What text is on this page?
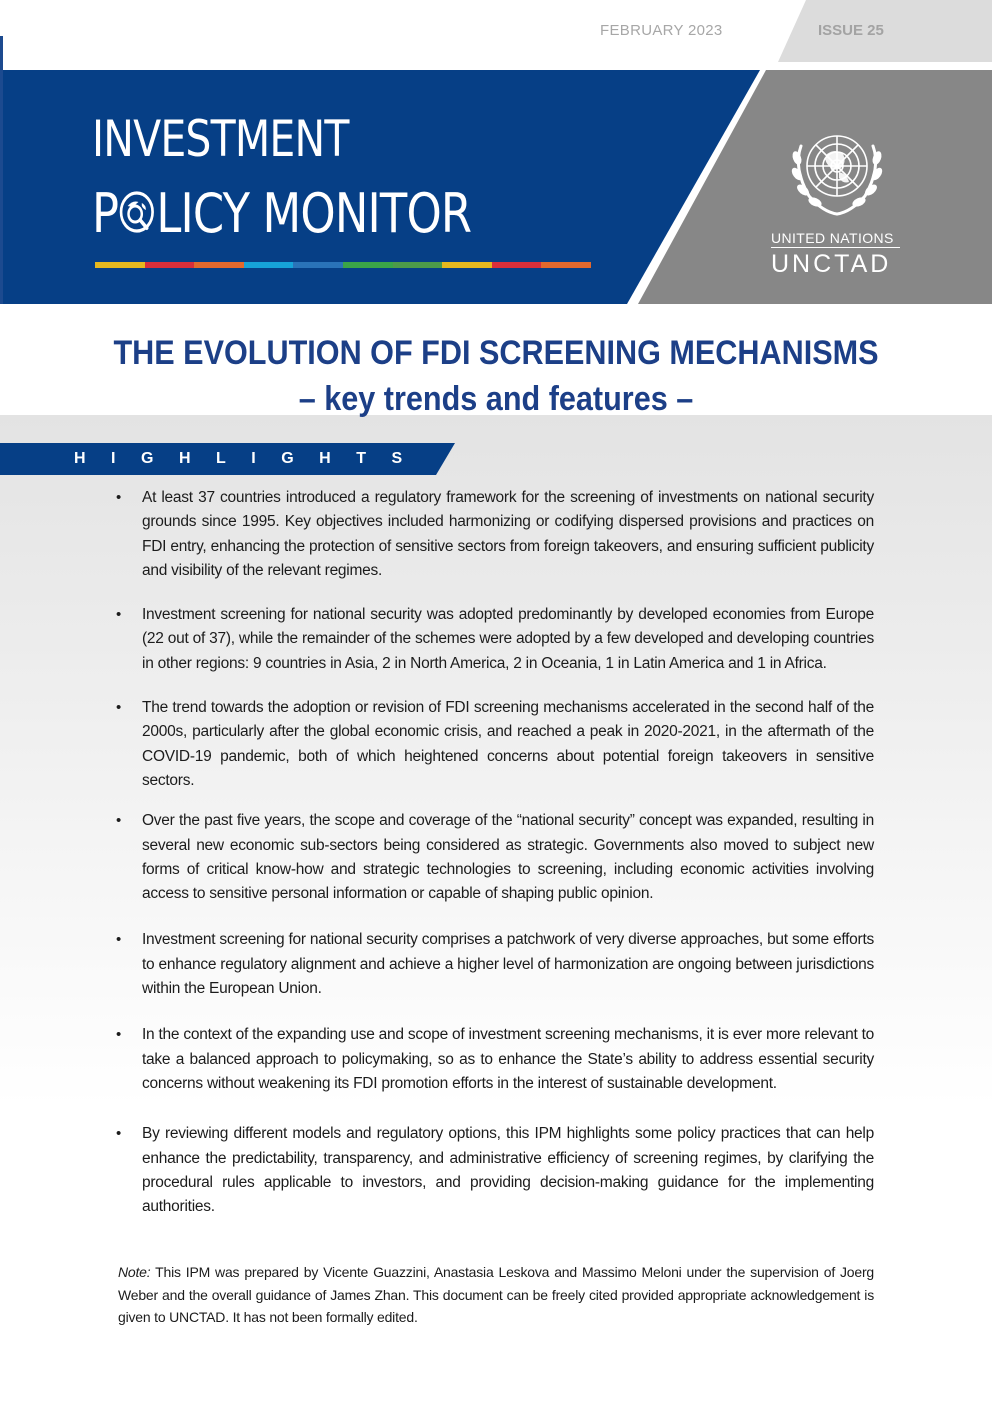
FEBRUARY 2023	ISSUE 25
INVESTMENT
P LICY MONITOR	UNITED NATIONS
UNCTAD
THE EVOLUTION OF FDI SCREENING MECHANISMS
– key trends and features –
HIGHLIGHTS
• At least 37 countries introduced a regulatory framework for the screening of investments on national security grounds since 1995. Key objectives included harmonizing or codifying dispersed provisions and practices on FDI entry, enhancing the protection of sensitive sectors from foreign takeovers, and ensuring sufficient publicity and visibility of the relevant regimes.
• Investment screening for national security was adopted predominantly by developed economies from Europe (22 out of 37), while the remainder of the schemes were adopted by a few developed and developing countries in other regions: 9 countries in Asia, 2 in North America, 2 in Oceania, 1 in Latin America and 1 in Africa.
• The trend towards the adoption or revision of FDI screening mechanisms accelerated in the second half of the 2000s, particularly after the global economic crisis, and reached a peak in 2020-2021, in the aftermath of the COVID-19 pandemic, both of which heightened concerns about potential foreign takeovers in sensitive sectors.
• Over the past five years, the scope and coverage of the “national security” concept was expanded, resulting in several new economic sub-sectors being considered as strategic. Governments also moved to subject new forms of critical know-how and strategic technologies to screening, including economic activities involving access to sensitive personal information or capable of shaping public opinion.
• Investment screening for national security comprises a patchwork of very diverse approaches, but some efforts to enhance regulatory alignment and achieve a higher level of harmonization are ongoing between jurisdictions within the European Union.
• In the context of the expanding use and scope of investment screening mechanisms, it is ever more relevant to take a balanced approach to policymaking, so as to enhance the State’s ability to address essential security concerns without weakening its FDI promotion efforts in the interest of sustainable development.
• By reviewing different models and regulatory options, this IPM highlights some policy practices that can help enhance the predictability, transparency, and administrative efficiency of screening regimes, by clarifying the procedural rules applicable to investors, and providing decision-making guidance for the implementing authorities.
Note: This IPM was prepared by Vicente Guazzini, Anastasia Leskova and Massimo Meloni under the supervision of Joerg Weber and the overall guidance of James Zhan. This document can be freely cited provided appropriate acknowledgement is given to UNCTAD. It has not been formally edited.
